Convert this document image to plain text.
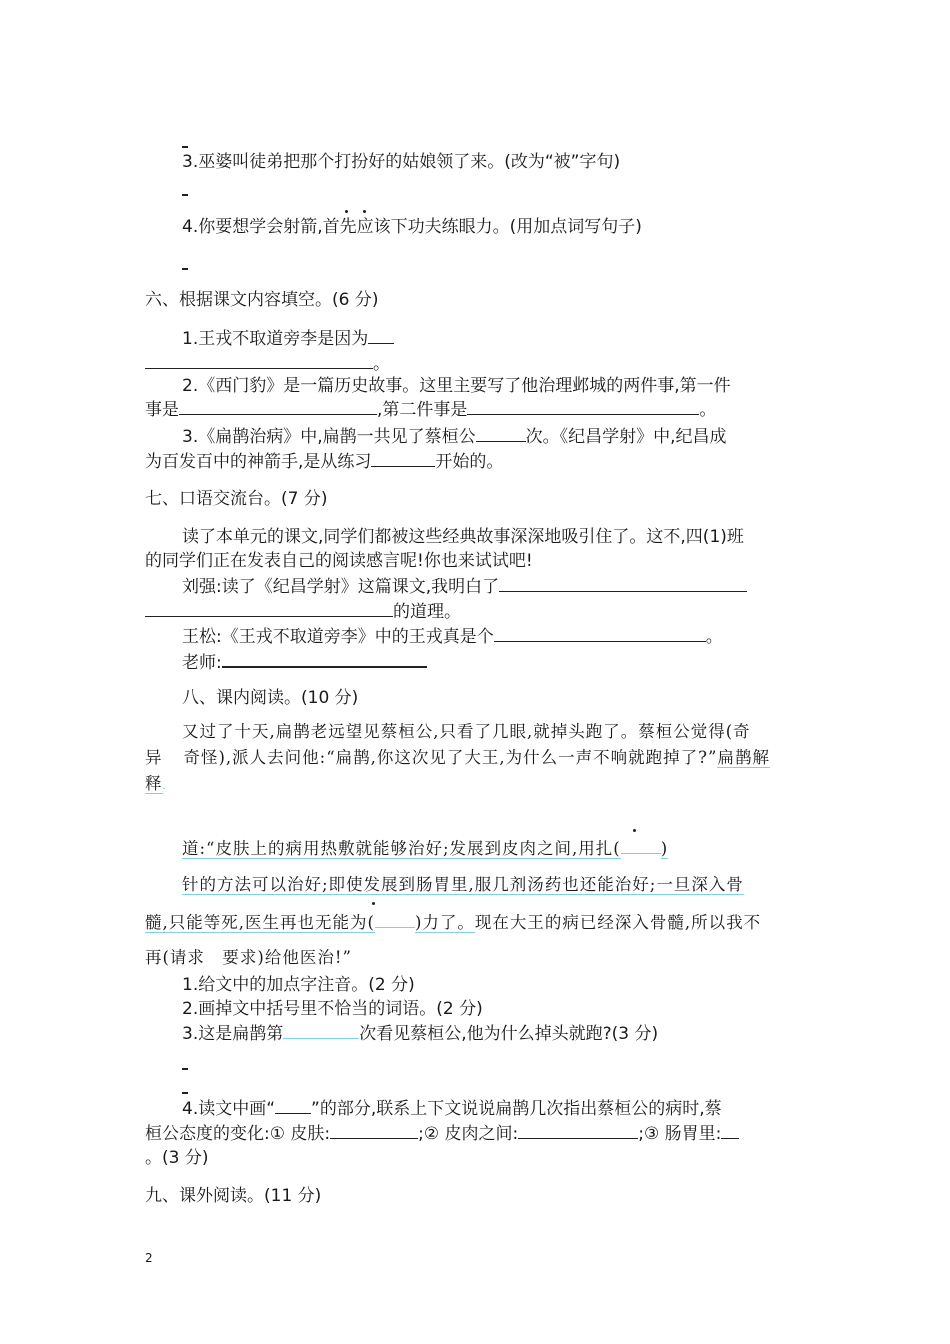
3.巫婆叫徒弟把那个打扮好的姑娘领了来。(改为“被”字句)
4.你要想学会射箭,首先应该下功夫练眼力。(用加点词写句子)
六、根据课文内容填空。(6 分)
1.王戎不取道旁李是因为
。
2.《西门豹》是一篇历史故事。这里主要写了他治理邺城的两件事,第一件
事是	,第二件事是	。
3.《扁鹊治病》中,扁鹊一共见了蔡桓公	次。《纪昌学射》中,纪昌成
为百发百中的神箭手,是从练习	开始的。
七、口语交流台。(7 分)
读了本单元的课文,同学们都被这些经典故事深深地吸引住了。这不,四(1)班
的同学们正在发表自己的阅读感言呢!你也来试试吧!
刘强:读了《纪昌学射》这篇课文,我明白了
的道理。
王松:《王戎不取道旁李》中的王戎真是个	。
老师:
八、课内阅读。(10 分)
又过了十天,扁鹊老远望见蔡桓公,只看了几眼,就掉头跑了。蔡桓公觉得(奇
异 奇怪),派人去问他:“扁鹊,你这次见了大王,为什么一声不响就跑掉了?”扁鹊解
释
道:“皮肤上的病用热敷就能够治好;发展到皮肉之间,用扎( )
针的方法可以治好;即使发展到肠胃里,服几剂汤药也还能治好;一旦深入骨
髓,只能等死,医生再也无能为( )力了。现在大王的病已经深入骨髓,所以我不
再(请求　要求)给他医治!”
1.给文中的加点字注音。(2 分)
2.画掉文中括号里不恰当的词语。(2 分)
3.这是扁鹊第	次看见蔡桓公,他为什么掉头就跑?(3 分)
4.读文中画“ ”的部分,联系上下文说说扁鹊几次指出蔡桓公的病时,蔡
桓公态度的变化:① 皮肤:	;② 皮肉之间:	;③ 肠胃里:
。(3 分)
九、课外阅读。(11 分)
2
